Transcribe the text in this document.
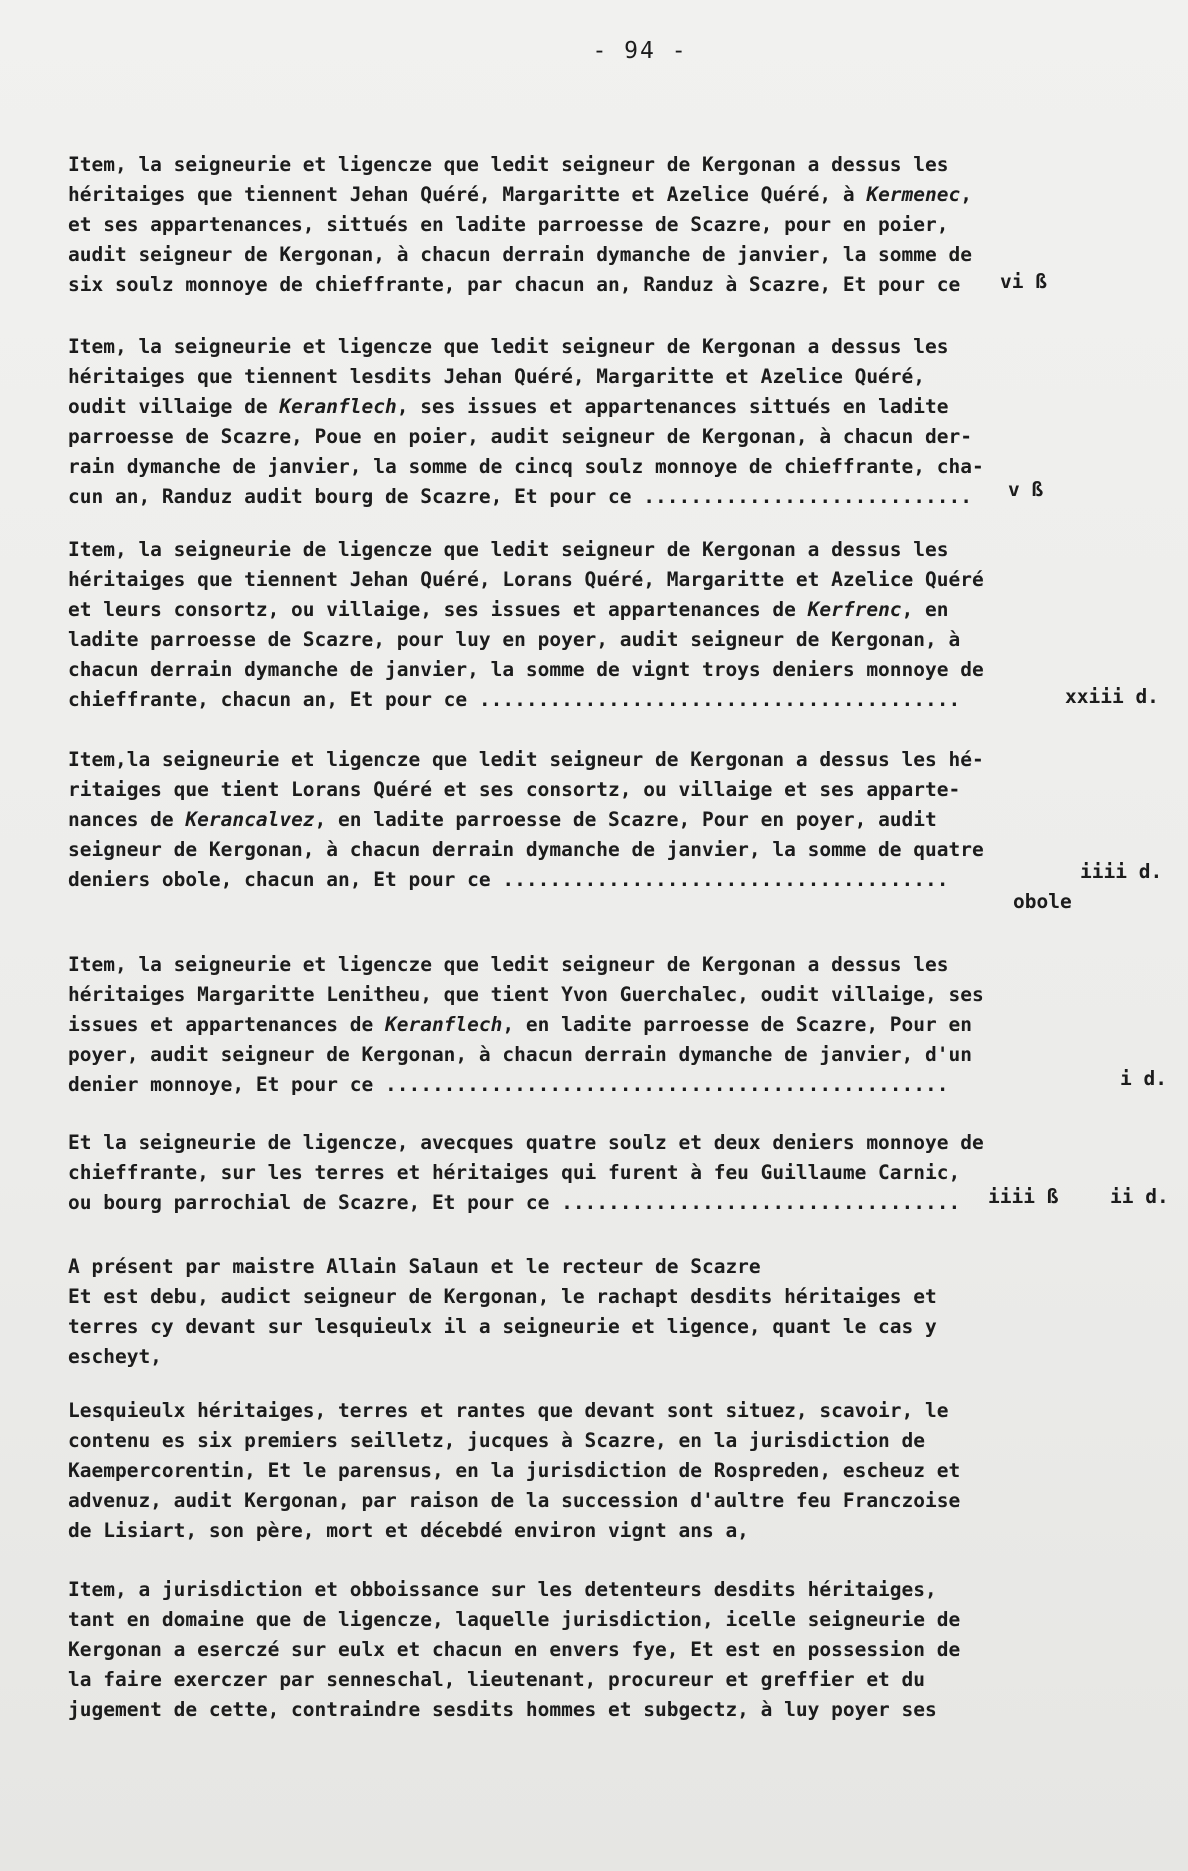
- 94 -
Item, la seigneurie et ligencze que ledit seigneur de Kergonan a dessus les
héritaiges que tiennent Jehan Quéré, Margaritte et Azelice Quéré, à Kermenec,
et ses appartenances, sittués en ladite parroesse de Scazre, pour en poier,
audit seigneur de Kergonan, à chacun derrain dymanche de janvier, la somme de
six soulz monnoye de chieffrante, par chacun an, Randuz à Scazre, Et pour ce vi ß
Item, la seigneurie et ligencze que ledit seigneur de Kergonan a dessus les
héritaiges que tiennent lesdits Jehan Quéré, Margaritte et Azelice Quéré,
oudit villaige de Keranflech, ses issues et appartenances sittués en ladite
parroesse de Scazre, Poue en poier, audit seigneur de Kergonan, à chacun der-
rain dymanche de janvier, la somme de cincq soulz monnoye de chieffrante, cha-
cun an, Randuz audit bourg de Scazre, Et pour ce ............................ v ß
Item, la seigneurie de ligencze que ledit seigneur de Kergonan a dessus les
héritaiges que tiennent Jehan Quéré, Lorans Quéré, Margaritte et Azelice Quéré
et leurs consortz, ou villaige, ses issues et appartenances de Kerfrenc, en
ladite parroesse de Scazre, pour luy en poyer, audit seigneur de Kergonan, à
chacun derrain dymanche de janvier, la somme de vignt troys deniers monnoye de
chieffrante, chacun an, Et pour ce .........................................	xxiii d.
Item,la seigneurie et ligencze que ledit seigneur de Kergonan a dessus les hé-
ritaiges que tient Lorans Quéré et ses consortz, ou villaige et ses apparte-
nances de Kerancalvez, en ladite parroesse de Scazre, Pour en poyer, audit
seigneur de Kergonan, à chacun derrain dymanche de janvier, la somme de quatre
deniers obole, chacun an, Et pour ce ......................................	iiii d.
obole
Item, la seigneurie et ligencze que ledit seigneur de Kergonan a dessus les
héritaiges Margaritte Lenitheu, que tient Yvon Guerchalec, oudit villaige, ses
issues et appartenances de Keranflech, en ladite parroesse de Scazre, Pour en
poyer, audit seigneur de Kergonan, à chacun derrain dymanche de janvier, d'un
denier monnoye, Et pour ce ................................................	i d.
Et la seigneurie de ligencze, avecques quatre soulz et deux deniers monnoye de
chieffrante, sur les terres et héritaiges qui furent à feu Guillaume Carnic,
ou bourg parrochial de Scazre, Et pour ce .................................. iiii ß	ii d.
A présent par maistre Allain Salaun et le recteur de Scazre
Et est debu, audict seigneur de Kergonan, le rachapt desdits héritaiges et
terres cy devant sur lesquieulx il a seigneurie et ligence, quant le cas y
escheyt,
Lesquieulx héritaiges, terres et rantes que devant sont situez, scavoir, le
contenu es six premiers seilletz, jucques à Scazre, en la jurisdiction de
Kaempercorentin, Et le parensus, en la jurisdiction de Rospreden, escheuz et
advenuz, audit Kergonan, par raison de la succession d'aultre feu Franczoise
de Lisiart, son père, mort et décebdé environ vignt ans a,
Item, a jurisdiction et obboissance sur les detenteurs desdits héritaiges,
tant en domaine que de ligencze, laquelle jurisdiction, icelle seigneurie de
Kergonan a eserczé sur eulx et chacun en envers fye, Et est en possession de
la faire exerczer par senneschal, lieutenant, procureur et greffier et du
jugement de cette, contraindre sesdits hommes et subgectz, à luy poyer ses
